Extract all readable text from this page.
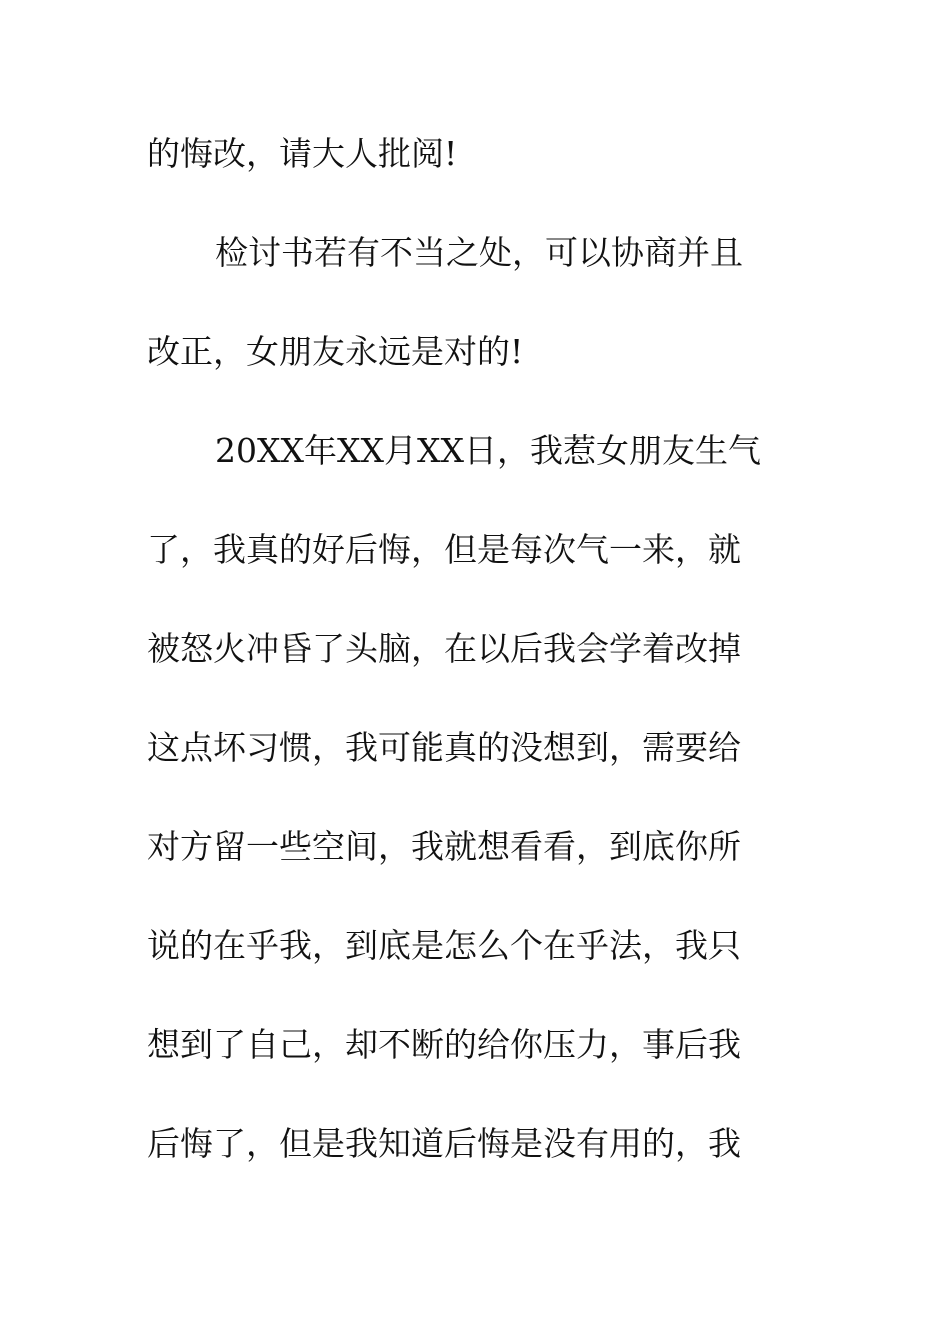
的悔改，请大人批阅!
检讨书若有不当之处，可以协商并且
改正，女朋友永远是对的!
20XX年XX月XX日，我惹女朋友生气
了，我真的好后悔，但是每次气一来，就
被怒火冲昏了头脑，在以后我会学着改掉
这点坏习惯，我可能真的没想到，需要给
对方留一些空间，我就想看看，到底你所
说的在乎我，到底是怎么个在乎法，我只
想到了自己，却不断的给你压力，事后我
后悔了，但是我知道后悔是没有用的，我
